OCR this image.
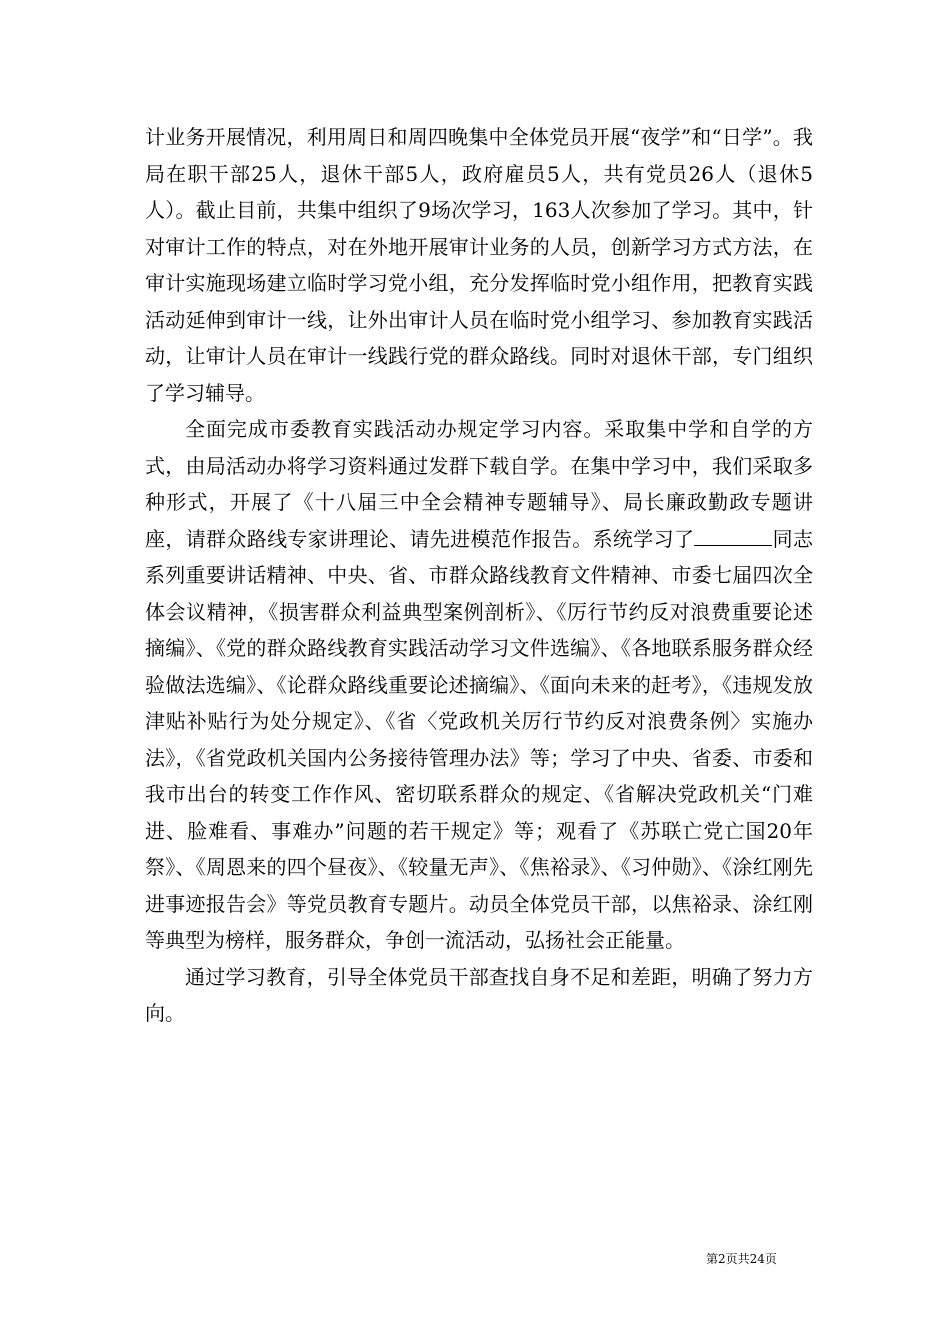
计业务开展情况，利用周日和周四晚集中全体党员开展“夜学”和“日学”。我局在职干部25人，退休干部5人，政府雇员5人，共有党员26人（退休5人）。截止目前，共集中组织了9场次学习，163人次参加了学习。其中，针对审计工作的特点，对在外地开展审计业务的人员，创新学习方式方法，在审计实施现场建立临时学习党小组，充分发挥临时党小组作用，把教育实践活动延伸到审计一线，让外出审计人员在临时党小组学习、参加教育实践活动，让审计人员在审计一线践行党的群众路线。同时对退休干部，专门组织了学习辅导。

全面完成市委教育实践活动办规定学习内容。采取集中学和自学的方式，由局活动办将学习资料通过发群下载自学。在集中学习中，我们采取多种形式，开展了《十八届三中全会精神专题辅导》、局长廉政勤政专题讲座，请群众路线专家讲理论、请先进模范作报告。系统学习了	同志系列重要讲话精神、中央、省、市群众路线教育文件精神、市委七届四次全体会议精神，《损害群众利益典型案例剖析》、《厉行节约反对浪费重要论述摘编》、《党的群众路线教育实践活动学习文件选编》、《各地联系服务群众经验做法选编》、《论群众路线重要论述摘编》、《面向未来的赶考》，《违规发放津贴补贴行为处分规定》、《省〈党政机关厉行节约反对浪费条例〉实施办法》，《省党政机关国内公务接待管理办法》等；学习了中央、省委、市委和我市出台的转变工作作风、密切联系群众的规定、《省解决党政机关“门难进、脸难看、事难办”问题的若干规定》等；观看了《苏联亡党亡国20年祭》、《周恩来的四个昼夜》、《较量无声》、《焦裕录》、《习仲勋》、《涂红刚先进事迹报告会》等党员教育专题片。动员全体党员干部，以焦裕录、涂红刚等典型为榜样，服务群众，争创一流活动，弘扬社会正能量。

通过学习教育，引导全体党员干部查找自身不足和差距，明确了努力方向。

第2页共24页
